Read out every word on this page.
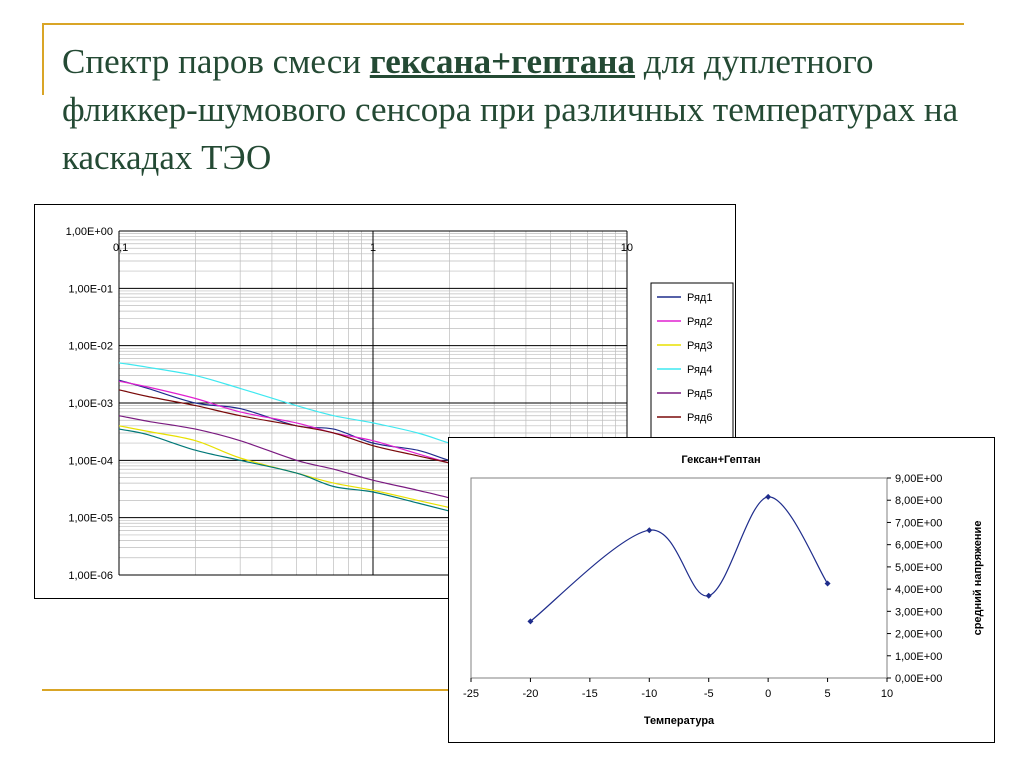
Спектр паров смеси гексана+гептана для дуплетного фликкер-шумового сенсора при различных температурах на каскадах ТЭО
1,00E+00
1,00E-01
1,00E-02
1,00E-03
1,00E-04
1,00E-05
1,00E-06
0,1	1	10
Ряд1
Ряд2
Ряд3
Ряд4
Ряд5
Ряд6
Гексан+Гептан
0,00E+00
1,00E+00
2,00E+00
3,00E+00
4,00E+00
5,00E+00
6,00E+00
7,00E+00
8,00E+00
9,00E+00
-25	-20	-15	-10	-5	0	5	10
Температура
средний напряжение
